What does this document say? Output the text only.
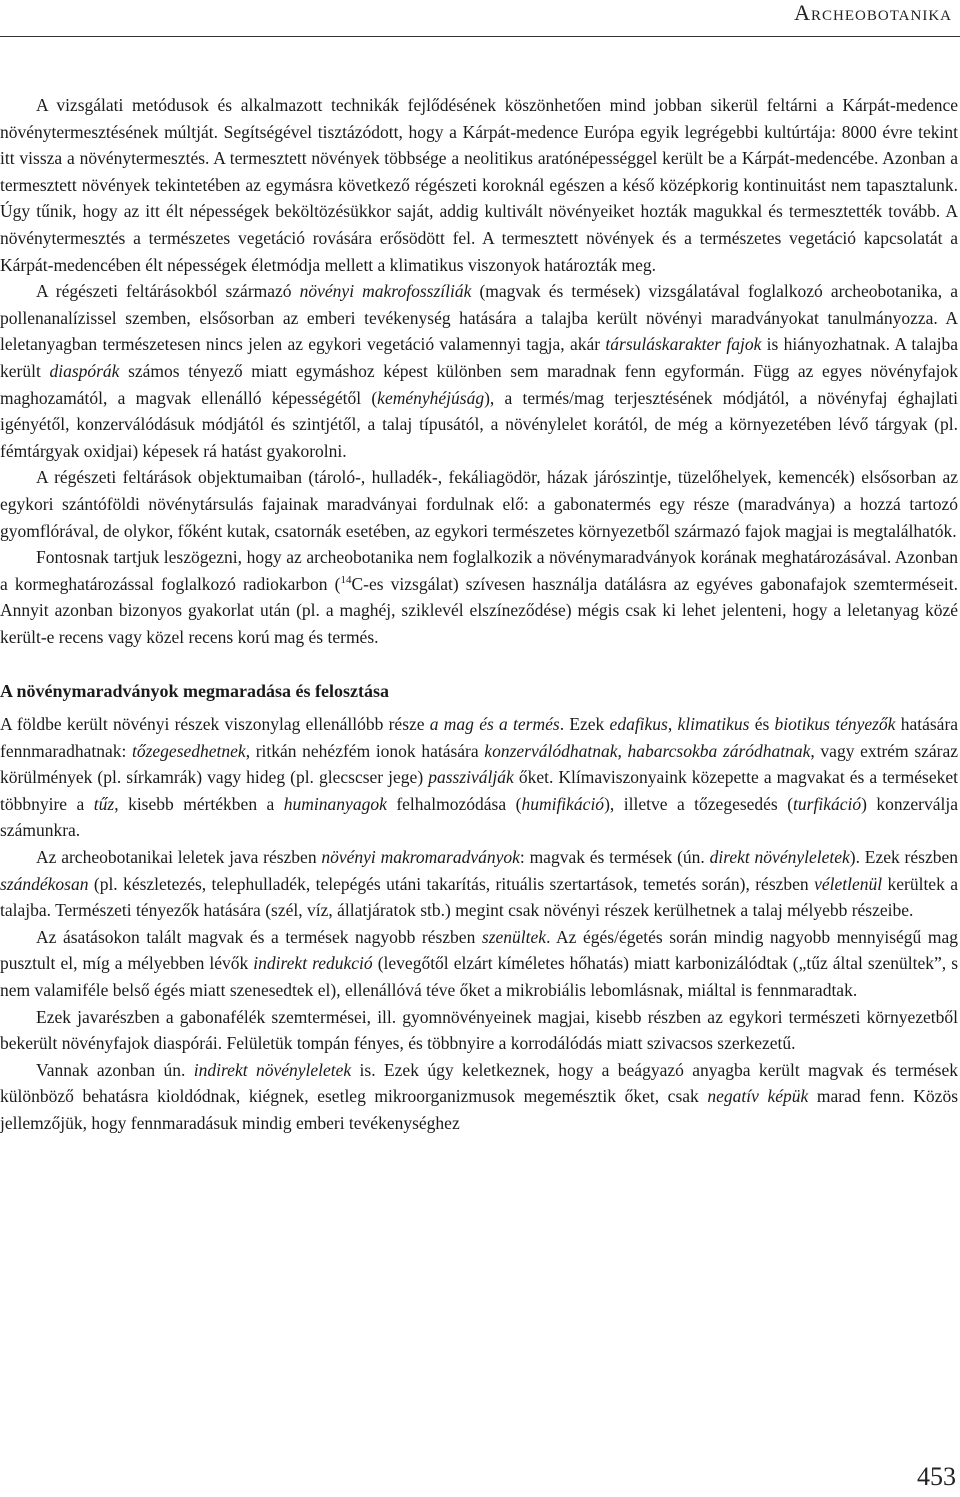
Archeobotanika

A vizsgálati metódusok és alkalmazott technikák fejlődésének köszönhetően mind jobban sikerül feltárni a Kárpát-medence növénytermesztésének múltját. Segítségével tisztázódott, hogy a Kárpát-medence Európa egyik legrégebbi kultúrtája: 8000 évre tekint itt vissza a növénytermesztés. A termesztett növények többsége a neolitikus aratónépességgel került be a Kárpát-medencébe. Azonban a termesztett növények tekintetében az egymásra következő régészeti koroknál egészen a késő középkorig kontinuitást nem tapasztalunk. Úgy tűnik, hogy az itt élt népességek beköltözésükkor saját, addig kultivált növényeiket hozták magukkal és termesztették tovább. A növénytermesztés a természetes vegetáció rovására erősödött fel. A termesztett növények és a természetes vegetáció kapcsolatát a Kárpát-medencében élt népességek életmódja mellett a klimatikus viszonyok határozták meg.

A régészeti feltárásokból származó növényi makrofosszíliák (magvak és termések) vizsgálatával foglalkozó archeobotanika, a pollenanalízissel szemben, elsősorban az emberi tevékenység hatására a talajba került növényi maradványokat tanulmányozza. A leletanyagban természetesen nincs jelen az egykori vegetáció valamennyi tagja, akár társuláskarakter fajok is hiányozhatnak. A talajba került diaspórák számos tényező miatt egymáshoz képest különben sem maradnak fenn egyformán. Függ az egyes növényfajok maghozamától, a magvak ellenálló képességétől (keményhéjúság), a termés/mag terjesztésének módjától, a növényfaj éghajlati igényétől, konzerválódásuk módjától és szintjétől, a talaj típusától, a növénylelet korától, de még a környezetében lévő tárgyak (pl. fémtárgyak oxidjai) képesek rá hatást gyakorolni.

A régészeti feltárások objektumaiban (tároló-, hulladék-, fekáliagödör, házak járószintje, tüzelőhelyek, kemencék) elsősorban az egykori szántóföldi növénytársulás fajainak maradványai fordulnak elő: a gabonatermés egy része (maradványa) a hozzá tartozó gyomflórával, de olykor, főként kutak, csatornák esetében, az egykori természetes környezetből származó fajok magjai is megtalálhatók.

Fontosnak tartjuk leszögezni, hogy az archeobotanika nem foglalkozik a növénymaradványok korának meghatározásával. Azonban a kormeghatározással foglalkozó radiokarbon ($^{14}$C-es vizsgálat) szívesen használja datálásra az egyéves gabonafajok szemterméseit. Annyit azonban bizonyos gyakorlat után (pl. a maghéj, sziklevél elszíneződése) mégis csak ki lehet jelenteni, hogy a leletanyag közé került-e recens vagy közel recens korú mag és termés.

A növénymaradványok megmaradása és felosztása

A földbe került növényi részek viszonylag ellenállóbb része a mag és a termés. Ezek edafikus, klimatikus és biotikus tényezők hatására fennmaradhatnak: tőzegesedhetnek, ritkán nehézfém ionok hatására konzerválódhatnak, habarcsokba záródhatnak, vagy extrém száraz körülmények (pl. sírkamrák) vagy hideg (pl. glecscser jege) passziválják őket. Klímaviszonyaink közepette a magvakat és a terméseket többnyire a tűz, kisebb mértékben a huminanyagok felhalmozódása (humifikáció), illetve a tőzegesedés (turfikáció) konzerválja számunkra.

Az archeobotanikai leletek java részben növényi makromaradványok: magvak és termések (ún. direkt növényleletek). Ezek részben szándékosan (pl. készletezés, telephulladék, telepégés utáni takarítás, rituális szertartások, temetés során), részben véletlenül kerültek a talajba. Természeti tényezők hatására (szél, víz, állatjáratok stb.) megint csak növényi részek kerülhetnek a talaj mélyebb részeibe.

Az ásatásokon talált magvak és a termések nagyobb részben szenültek. Az égés/égetés során mindig nagyobb mennyiségű mag pusztult el, míg a mélyebben lévők indirekt redukció (levegőtől elzárt kíméletes hőhatás) miatt karbonizálódtak („tűz által szenültek”, s nem valamiféle belső égés miatt szenesedtek el), ellenállóvá téve őket a mikrobiális lebomlásnak, miáltal is fennmaradtak.

Ezek javarészben a gabonafélék szemtermései, ill. gyomnövényeinek magjai, kisebb részben az egykori természeti környezetből bekerült növényfajok diaspórái. Felületük tompán fényes, és többnyire a korrodálódás miatt szivacsos szerkezetű.

Vannak azonban ún. indirekt növényleletek is. Ezek úgy keletkeznek, hogy a beágyazó anyagba került magvak és termések különböző behatásra kioldódnak, kiégnek, esetleg mikroorganizmusok megemésztik őket, csak negatív képük marad fenn. Közös jellemzőjük, hogy fennmaradásuk mindig emberi tevékenységhez

453
